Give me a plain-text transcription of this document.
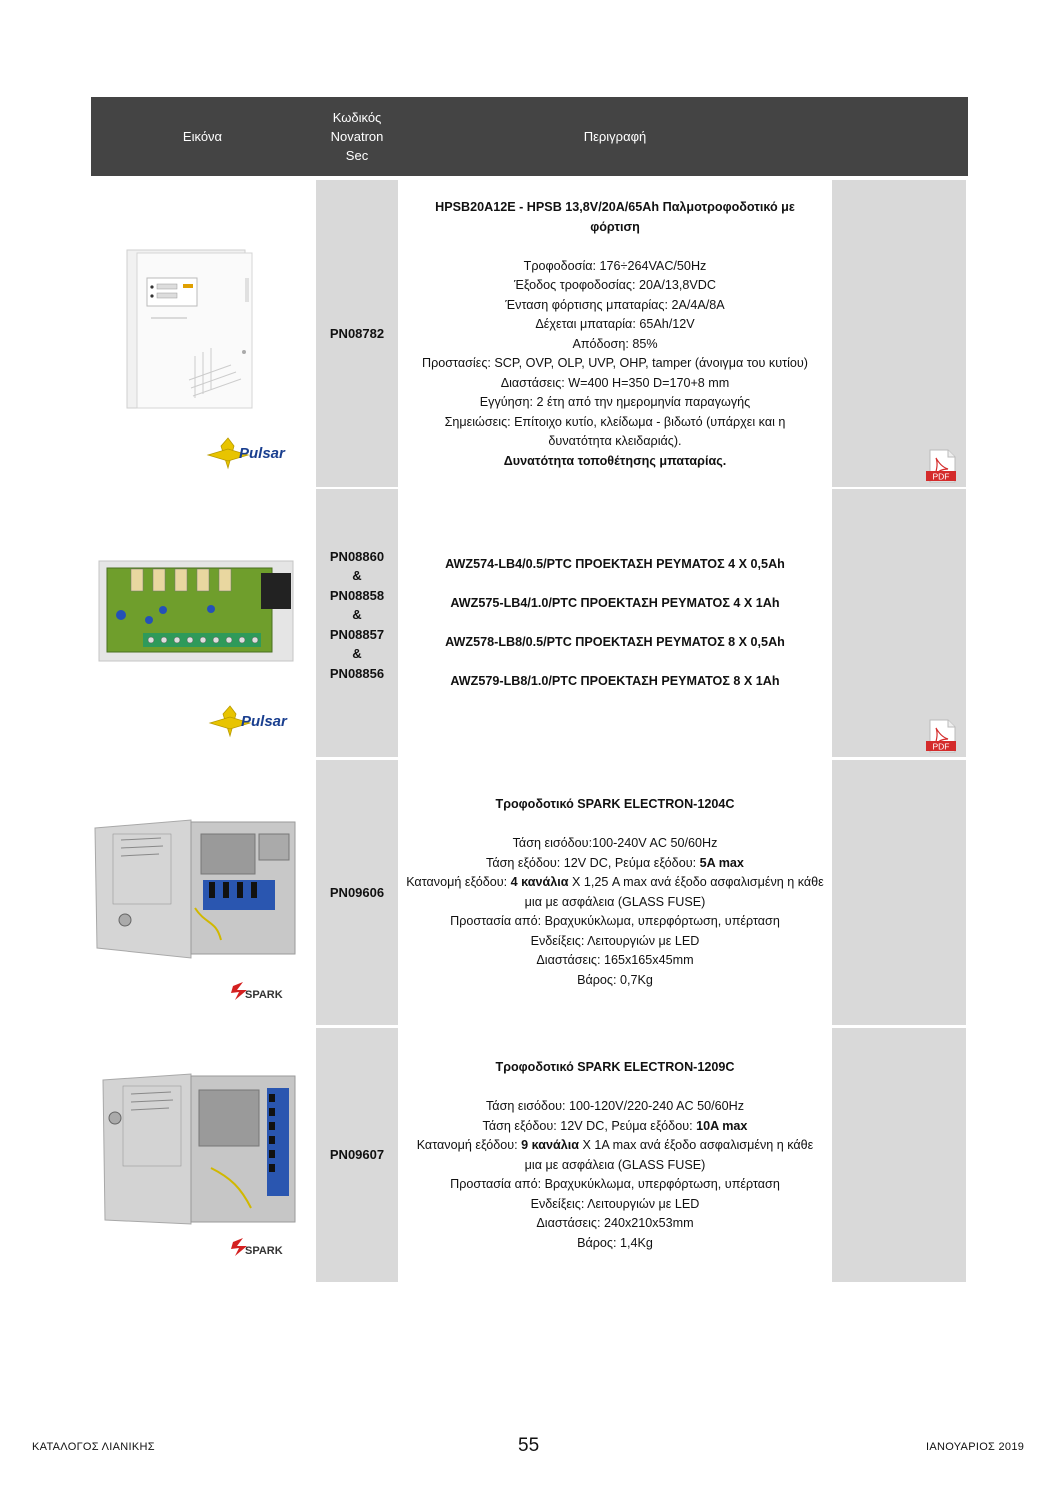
Εικόνα
Κωδικός
Novatron
Sec
Περιγραφή
Pulsar
PN08782
HPSB20A12E - HPSB 13,8V/20A/65Ah Παλμοτροφοδοτικό με φόρτιση
Τροφοδοσία: 176÷264VAC/50Hz
Έξοδος τροφοδοσίας: 20A/13,8VDC
Ένταση φόρτισης μπαταρίας: 2A/4A/8A
Δέχεται μπαταρία: 65Ah/12V
Απόδοση: 85%
Προστασίες: SCP, OVP, OLP, UVP, OHP, tamper (άνοιγμα του κυτίου)
Διαστάσεις: W=400 H=350 D=170+8 mm
Εγγύηση: 2 έτη από την ημερομηνία παραγωγής
Σημειώσεις: Επίτοιχο κυτίο, κλείδωμα - βιδωτό (υπάρχει και η δυνατότητα κλειδαριάς).
Δυνατότητα τοποθέτησης μπαταρίας.
PDF
Pulsar
PN08860
&
PN08858
&
PN08857
&
PN08856
AWZ574-LB4/0.5/PTC ΠΡΟΕΚΤΑΣΗ ΡΕΥΜΑΤΟΣ 4 Χ 0,5Ah
AWZ575-LB4/1.0/PTC ΠΡΟΕΚΤΑΣΗ ΡΕΥΜΑΤΟΣ 4 Χ 1Ah
AWZ578-LB8/0.5/PTC ΠΡΟΕΚΤΑΣΗ ΡΕΥΜΑΤΟΣ 8 Χ 0,5Ah
AWZ579-LB8/1.0/PTC ΠΡΟΕΚΤΑΣΗ ΡΕΥΜΑΤΟΣ 8 Χ 1Ah
PDF
SPARK
PN09606
Τροφοδοτικό SPARK ELECTRON-1204C
Τάση εισόδου:100-240V AC 50/60Hz
Τάση εξόδου: 12V DC, Ρεύμα εξόδου: 5A max
Κατανομή εξόδου: 4 κανάλια Χ 1,25 A max ανά έξοδο ασφαλισμένη η κάθε μια με ασφάλεια (GLASS FUSE)
Προστασία από: Βραχυκύκλωμα, υπερφόρτωση, υπέρταση
Ενδείξεις: Λειτουργιών με LED
Διαστάσεις: 165x165x45mm
Βάρος: 0,7Kg
SPARK
PN09607
Τροφοδοτικό SPARK ELECTRON-1209C
Τάση εισόδου: 100-120V/220-240 AC 50/60Hz
Τάση εξόδου: 12V DC, Ρεύμα εξόδου: 10A max
Κατανομή εξόδου: 9 κανάλια X 1A max ανά έξοδο ασφαλισμένη η κάθε μια με ασφάλεια (GLASS FUSE)
Προστασία από: Βραχυκύκλωμα, υπερφόρτωση, υπέρταση
Ενδείξεις: Λειτουργιών με LED
Διαστάσεις: 240x210x53mm
Βάρος: 1,4Kg
ΚΑΤΑΛΟΓΟΣ ΛΙΑΝΙΚΗΣ	55	ΙΑΝΟΥΑΡΙΟΣ 2019
